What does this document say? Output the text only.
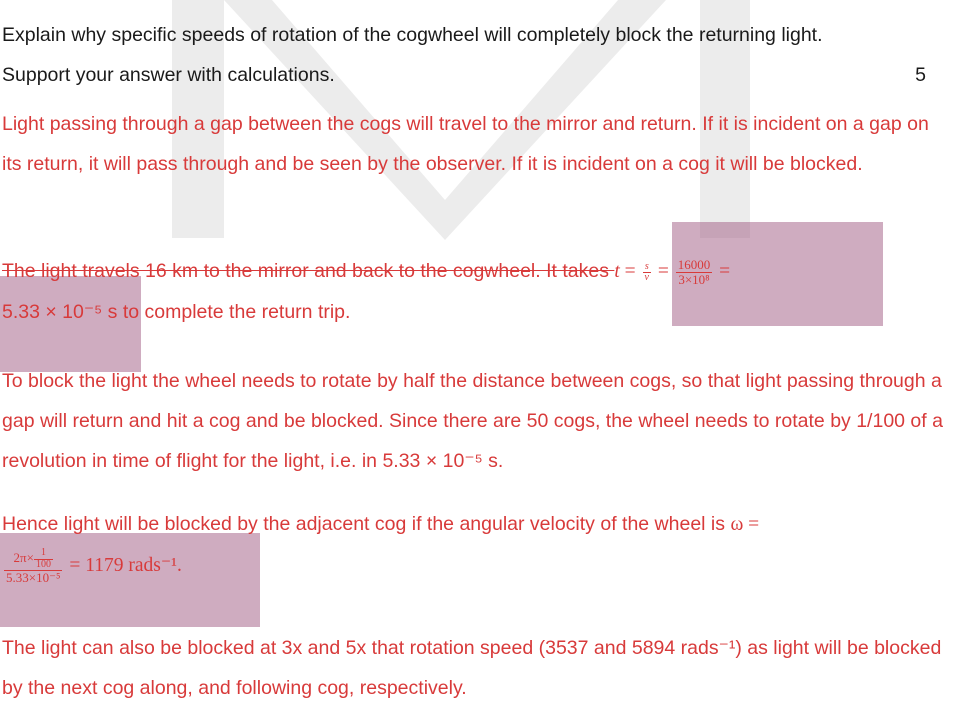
Explain why specific speeds of rotation of the cogwheel will completely block the returning light. Support your answer with calculations.	5
Light passing through a gap between the cogs will travel to the mirror and return. If it is incident on a gap on its return, it will pass through and be seen by the observer. If it is incident on a cog it will be blocked.
The light travels 16 km to the mirror and back to the cogwheel. It takes $t = \frac{s}{v} = \frac{16000}{\text{3×10⁸}}$ =
5.33 × 10⁻⁵ s to complete the return trip.
To block the light the wheel needs to rotate by half the distance between cogs, so that light passing through a gap will return and hit a cog and be blocked. Since there are 50 cogs, the wheel needs to rotate by 1/100 of a revolution in time of flight for the light, i.e. in 5.33 × 10⁻⁵ s.
Hence light will be blocked by the adjacent cog if the angular velocity of the wheel is ω =

$\frac{2\pi\times \frac{1}{100}}{\text{5.33×10⁻⁵}} = 1179$ rads⁻¹.
The light can also be blocked at 3x and 5x that rotation speed (3537 and 5894 rads⁻¹) as light will be blocked by the next cog along, and following cog, respectively.
